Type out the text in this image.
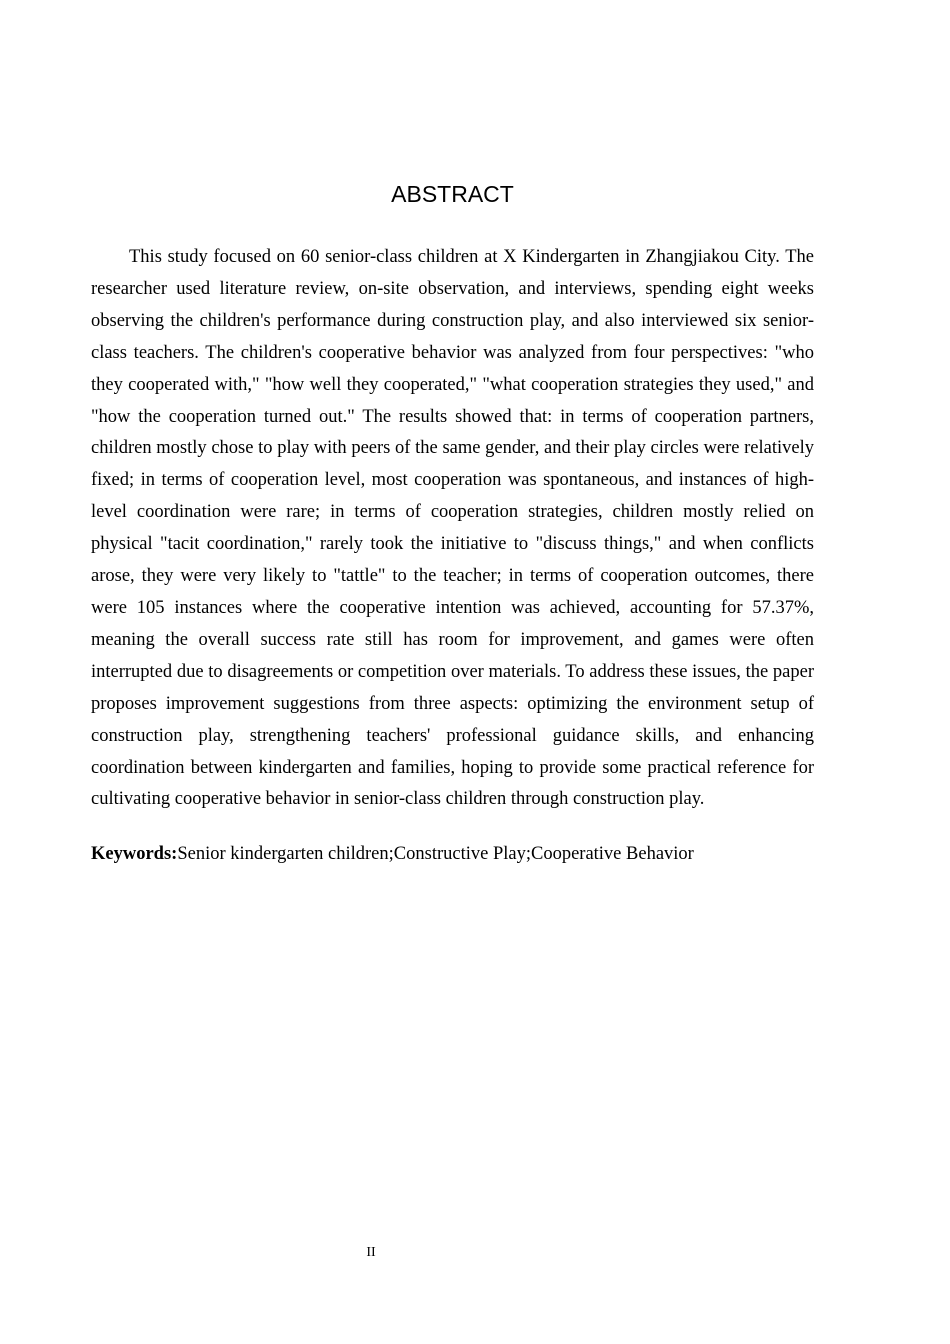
ABSTRACT

This study focused on 60 senior-class children at X Kindergarten in Zhangjiakou City. The researcher used literature review, on-site observation, and interviews, spending eight weeks observing the children's performance during construction play, and also interviewed six senior-class teachers. The children's cooperative behavior was analyzed from four perspectives: "who they cooperated with," "how well they cooperated," "what cooperation strategies they used," and "how the cooperation turned out." The results showed that: in terms of cooperation partners, children mostly chose to play with peers of the same gender, and their play circles were relatively fixed; in terms of cooperation level, most cooperation was spontaneous, and instances of high-level coordination were rare; in terms of cooperation strategies, children mostly relied on physical "tacit coordination," rarely took the initiative to "discuss things," and when conflicts arose, they were very likely to "tattle" to the teacher; in terms of cooperation outcomes, there were 105 instances where the cooperative intention was achieved, accounting for 57.37%, meaning the overall success rate still has room for improvement, and games were often interrupted due to disagreements or competition over materials. To address these issues, the paper proposes improvement suggestions from three aspects: optimizing the environment setup of construction play, strengthening teachers' professional guidance skills, and enhancing coordination between kindergarten and families, hoping to provide some practical reference for cultivating cooperative behavior in senior-class children through construction play.

Keywords:Senior kindergarten children;Constructive Play;Cooperative Behavior

II
